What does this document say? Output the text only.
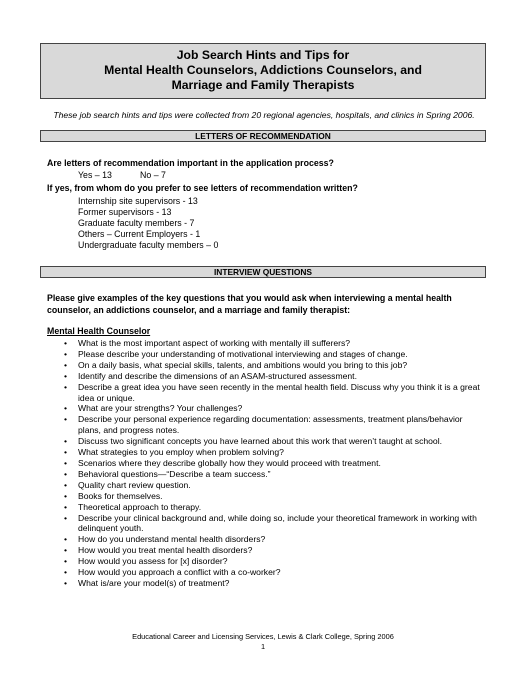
Job Search Hints and Tips for
Mental Health Counselors, Addictions Counselors, and
Marriage and Family Therapists
These job search hints and tips were collected from 20 regional agencies, hospitals, and clinics in Spring 2006.
LETTERS OF RECOMMENDATION
Are letters of recommendation important in the application process?
Yes – 13	No – 7
If yes, from whom do you prefer to see letters of recommendation written?
Internship site supervisors - 13
Former supervisors - 13
Graduate faculty members - 7
Others – Current Employers - 1
Undergraduate faculty members – 0
INTERVIEW QUESTIONS
Please give examples of the key questions that you would ask when interviewing a mental health counselor, an addictions counselor, and a marriage and family therapist:
Mental Health Counselor
• What is the most important aspect of working with mentally ill sufferers?
• Please describe your understanding of motivational interviewing and stages of change.
• On a daily basis, what special skills, talents, and ambitions would you bring to this job?
• Identify and describe the dimensions of an ASAM-structured assessment.
• Describe a great idea you have seen recently in the mental health field. Discuss why you think it is a great idea or unique.
• What are your strengths? Your challenges?
• Describe your personal experience regarding documentation: assessments, treatment plans/behavior plans, and progress notes.
• Discuss two significant concepts you have learned about this work that weren’t taught at school.
• What strategies to you employ when problem solving?
• Scenarios where they describe globally how they would proceed with treatment.
• Behavioral questions—“Describe a team success.”
• Quality chart review question.
• Books for themselves.
• Theoretical approach to therapy.
• Describe your clinical background and, while doing so, include your theoretical framework in working with delinquent youth.
• How do you understand mental health disorders?
• How would you treat mental health disorders?
• How would you assess for [x] disorder?
• How would you approach a conflict with a co-worker?
• What is/are your model(s) of treatment?
Educational Career and Licensing Services, Lewis & Clark College, Spring 2006
1
